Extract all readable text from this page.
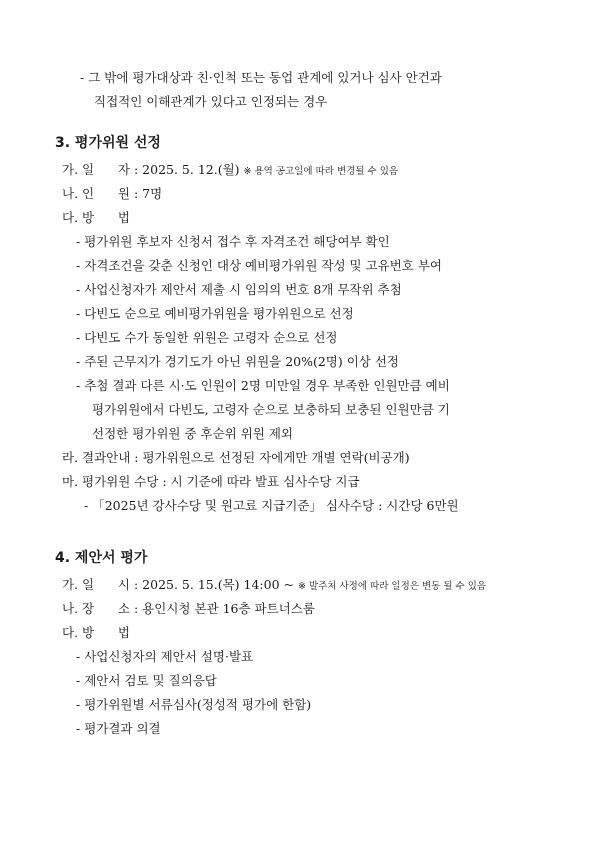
- 그 밖에 평가대상과 친·인척 또는 동업 관계에 있거나 심사 안건과
직접적인 이해관계가 있다고 인정되는 경우
3. 평가위원 선정
가. 일      자 : 2025. 5. 12.(월) ※ 용역 공고일에 따라 변경될 수 있음
나. 인      원 : 7명
다. 방      법
- 평가위원 후보자 신청서 접수 후 자격조건 해당여부 확인
- 자격조건을 갖춘 신청인 대상 예비평가위원 작성 및 고유번호 부여
- 사업신청자가 제안서 제출 시 임의의 번호 8개 무작위 추첨
- 다빈도 순으로 예비평가위원을 평가위원으로 선정
- 다빈도 수가 동일한 위원은 고령자 순으로 선정
- 주된 근무지가 경기도가 아닌 위원을 20%(2명) 이상 선정
- 추첨 결과 다른 시·도 인원이 2명 미만일 경우 부족한 인원만큼 예비
평가위원에서 다빈도, 고령자 순으로 보충하되 보충된 인원만큼 기
선정한 평가위원 중 후순위 위원 제외
라. 결과안내 : 평가위원으로 선정된 자에게만 개별 연락(비공개)
마. 평가위원 수당 : 시 기준에 따라 발표 심사수당 지급
- 「2025년 강사수당 및 원고료 지급기준」 심사수당 : 시간당 6만원
4. 제안서 평가
가. 일      시 : 2025. 5. 15.(목) 14:00 ~ ※ 발주처 사정에 따라 일정은 변동 될 수 있음
나. 장      소 : 용인시청 본관 16층 파트너스룸
다. 방      법
- 사업신청자의 제안서 설명·발표
- 제안서 검토 및 질의응답
- 평가위원별 서류심사(정성적 평가에 한함)
- 평가결과 의결
